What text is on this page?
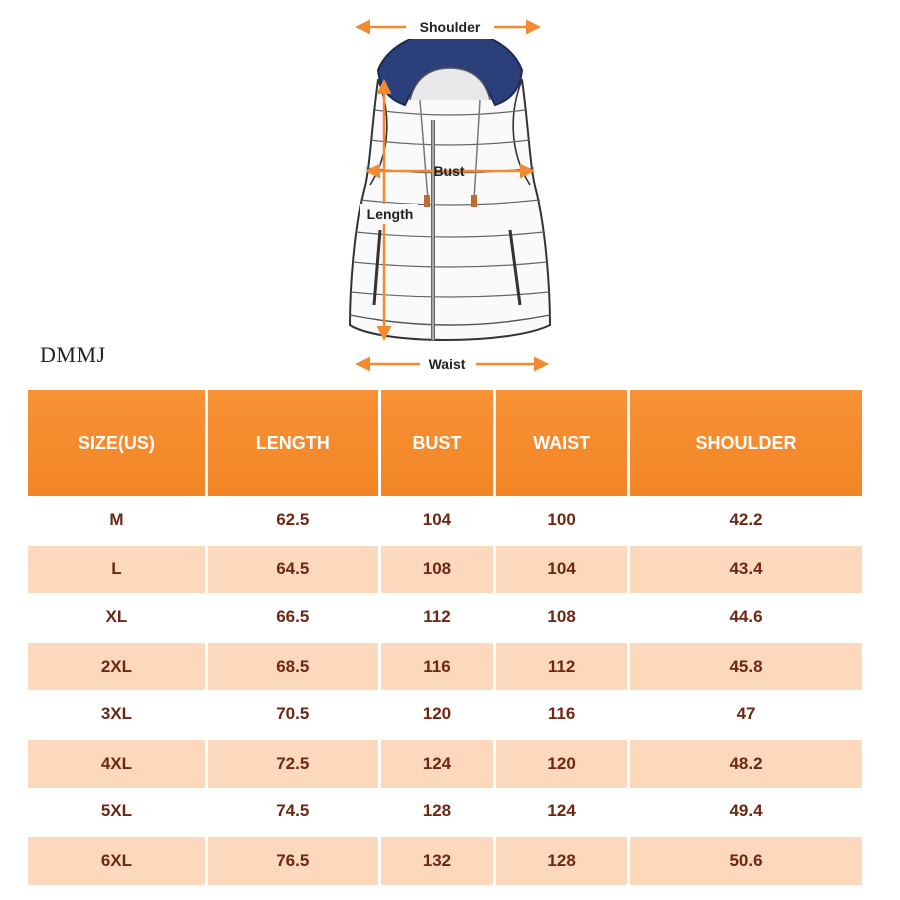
Shoulder
Bust
Length
Waist
DMMJ
SIZE(US)	LENGTH	BUST	WAIST	SHOULDER
M	62.5	104	100	42.2
L	64.5	108	104	43.4
XL	66.5	112	108	44.6
2XL	68.5	116	112	45.8
3XL	70.5	120	116	47
4XL	72.5	124	120	48.2
5XL	74.5	128	124	49.4
6XL	76.5	132	128	50.6
